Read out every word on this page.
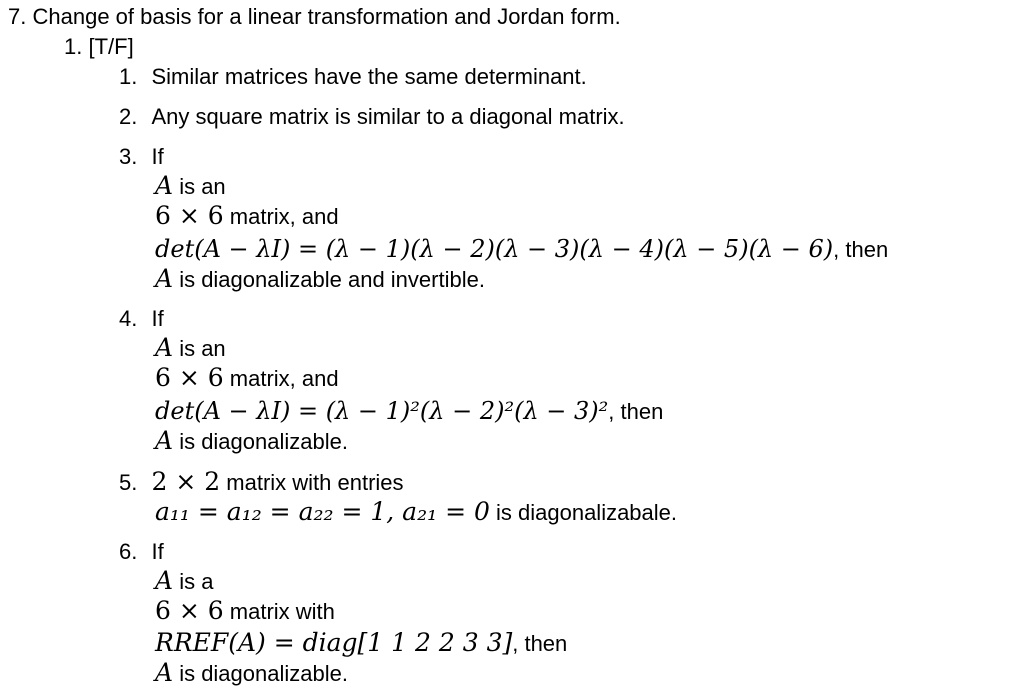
7. Change of basis for a linear transformation and Jordan form.
1. [T/F]
1. Similar matrices have the same determinant.
2. Any square matrix is similar to a diagonal matrix.
3. If
A is an
6 × 6 matrix, and
det(A − λI) = (λ − 1)(λ − 2)(λ − 3)(λ − 4)(λ − 5)(λ − 6), then
A is diagonalizable and invertible.
4. If
A is an
6 × 6 matrix, and
det(A − λI) = (λ − 1)²(λ − 2)²(λ − 3)², then
A is diagonalizable.
5. 2 × 2 matrix with entries
a₁₁ = a₁₂ = a₂₂ = 1, a₂₁ = 0 is diagonalizabale.
6. If
A is a
6 × 6 matrix with
RREF(A) = diag[1 1 2 2 3 3], then
A is diagonalizable.
